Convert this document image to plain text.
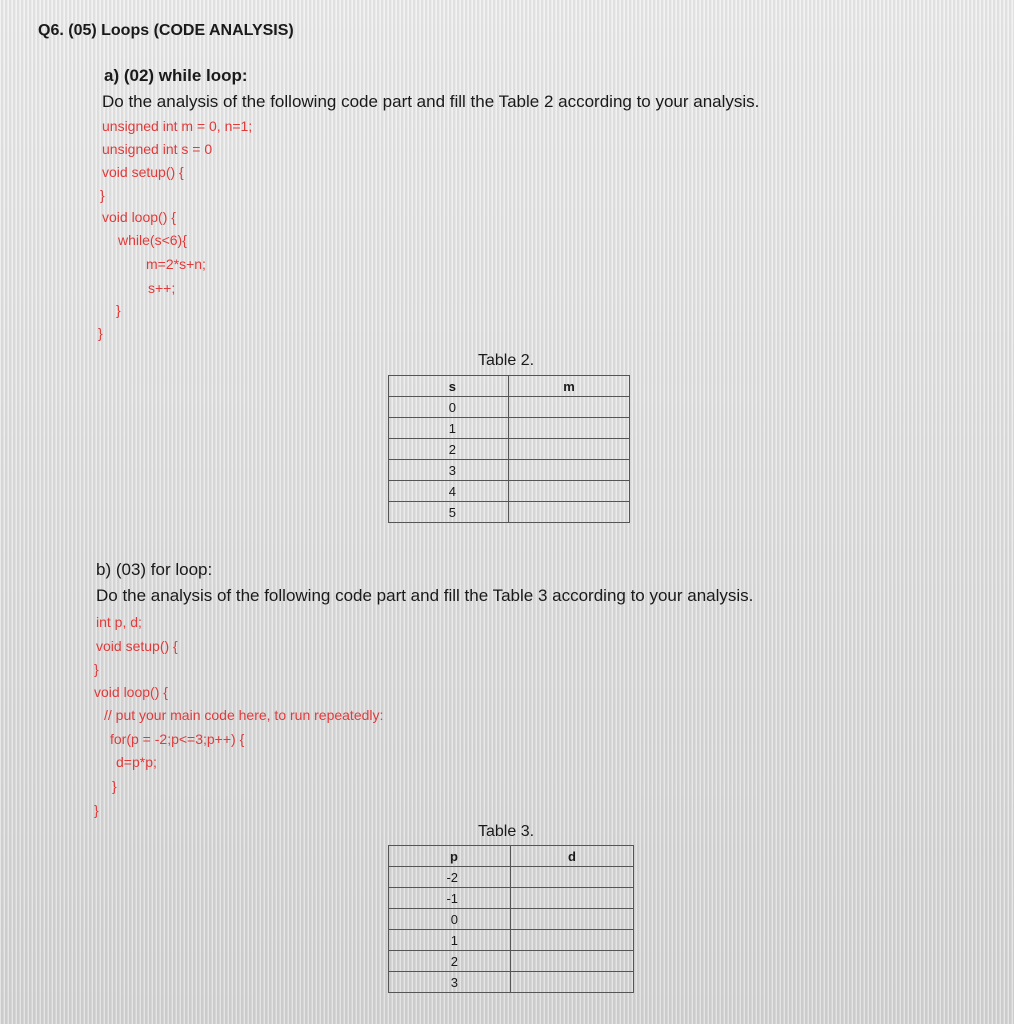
Q6. (05) Loops (CODE ANALYSIS)
a) (02) while loop:
Do the analysis of the following code part and fill the Table 2 according to your analysis.
unsigned int m = 0, n=1;
unsigned int s = 0
void setup() {
}
void loop() {
while(s<6){
m=2*s+n;
s++;
}
}
Table 2.
s	m
0	
1	
2	
3	
4	
5	
b) (03) for loop:
Do the analysis of the following code part and fill the Table 3 according to your analysis.
int p, d;
void setup() {
}
void loop() {
// put your main code here, to run repeatedly:
for(p = -2;p<=3;p++) {
d=p*p;
}
}
Table 3.
p	d
-2	
-1	
0	
1	
2	
3	
